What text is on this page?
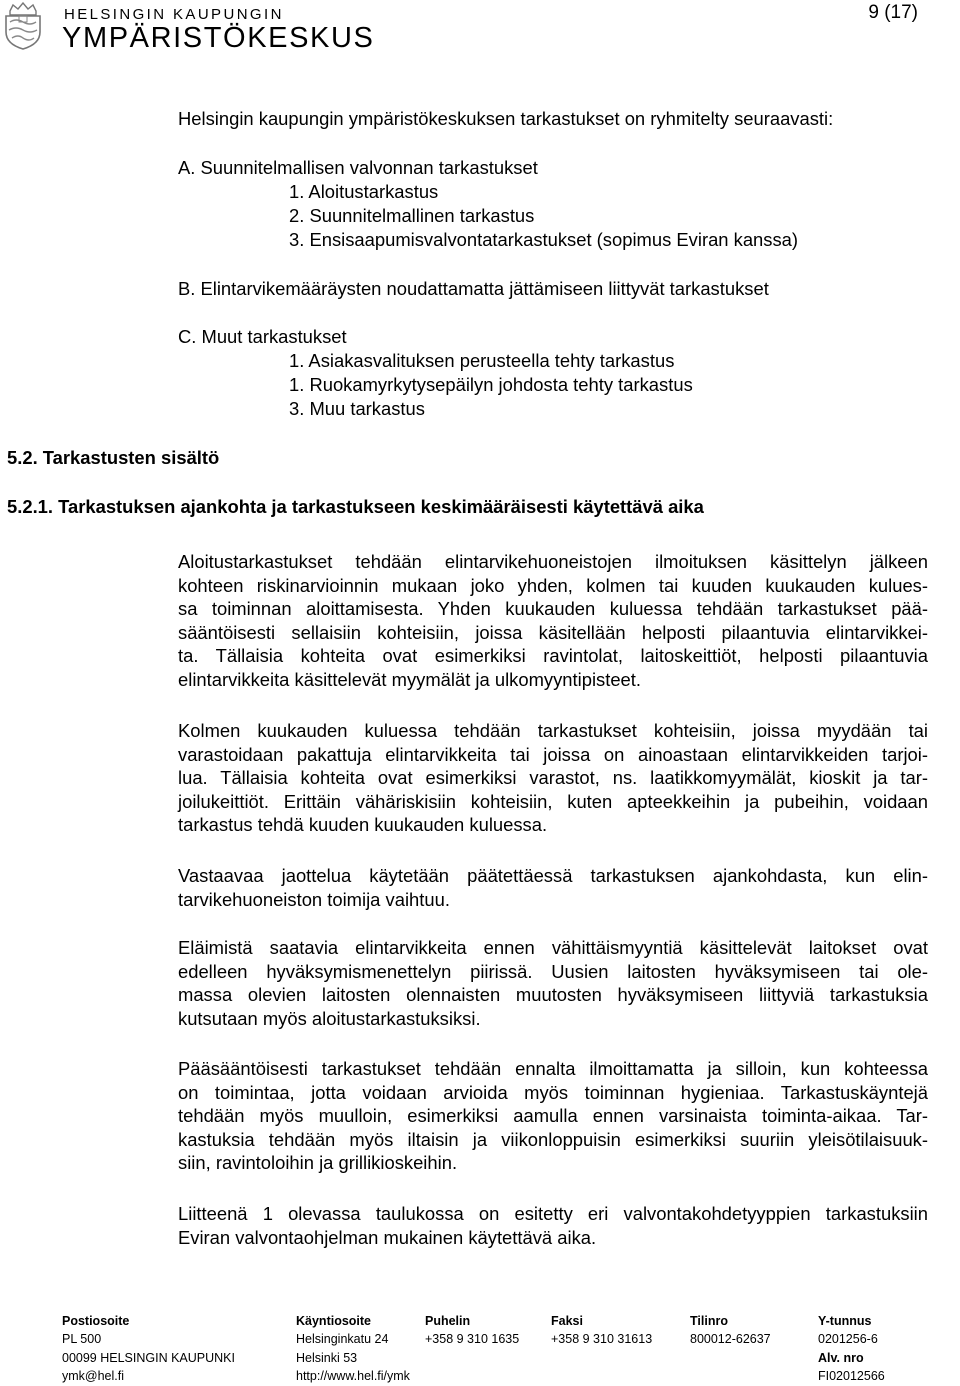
HELSINGIN KAUPUNGIN
YMPÄRISTÖKESKUS
9 (17)
Helsingin kaupungin ympäristökeskuksen tarkastukset on ryhmitelty seuraavasti:
A. Suunnitelmallisen valvonnan tarkastukset
1. Aloitustarkastus
2. Suunnitelmallinen tarkastus
3. Ensisaapumisvalvontatarkastukset (sopimus Eviran kanssa)
B. Elintarvikemääräysten noudattamatta jättämiseen liittyvät tarkastukset
C. Muut tarkastukset
1. Asiakasvalituksen perusteella tehty tarkastus
1. Ruokamyrkytysepäilyn johdosta tehty tarkastus
3. Muu tarkastus
5.2. Tarkastusten sisältö
5.2.1. Tarkastuksen ajankohta ja tarkastukseen keskimääräisesti käytettävä aika
Aloitustarkastukset tehdään elintarvikehuoneistojen ilmoituksen käsittelyn jälkeen
kohteen riskinarvioinnin mukaan joko yhden, kolmen tai kuuden kuukauden kulues-
sa toiminnan aloittamisesta. Yhden kuukauden kuluessa tehdään tarkastukset pää-
sääntöisesti sellaisiin kohteisiin, joissa käsitellään helposti pilaantuvia elintarvikkei-
ta. Tällaisia kohteita ovat esimerkiksi ravintolat, laitoskeittiöt, helposti pilaantuvia
elintarvikkeita käsittelevät myymälät ja ulkomyyntipisteet.
Kolmen kuukauden kuluessa tehdään tarkastukset kohteisiin, joissa myydään tai
varastoidaan pakattuja elintarvikkeita tai joissa on ainoastaan elintarvikkeiden tarjoi-
lua. Tällaisia kohteita ovat esimerkiksi varastot, ns. laatikkomyymälät, kioskit ja tar-
joilukeittiöt. Erittäin vähäriskisiin kohteisiin, kuten apteekkeihin ja pubeihin, voidaan
tarkastus tehdä kuuden kuukauden kuluessa.
Vastaavaa jaottelua käytetään päätettäessä tarkastuksen ajankohdasta, kun elin-
tarvikehuoneiston toimija vaihtuu.
Eläimistä saatavia elintarvikkeita ennen vähittäismyyntiä käsittelevät laitokset ovat
edelleen hyväksymismenettelyn piirissä. Uusien laitosten hyväksymiseen tai ole-
massa olevien laitosten olennaisten muutosten hyväksymiseen liittyviä tarkastuksia
kutsutaan myös aloitustarkastuksiksi.
Pääsääntöisesti tarkastukset tehdään ennalta ilmoittamatta ja silloin, kun kohteessa
on toimintaa, jotta voidaan arvioida myös toiminnan hygieniaa. Tarkastuskäyntejä
tehdään myös muulloin, esimerkiksi aamulla ennen varsinaista toiminta-aikaa. Tar-
kastuksia tehdään myös iltaisin ja viikonloppuisin esimerkiksi suuriin yleisötilaisuuk-
siin, ravintoloihin ja grillikioskeihin.
Liitteenä 1 olevassa taulukossa on esitetty eri valvontakohdetyyppien tarkastuksiin
Eviran valvontaohjelman mukainen käytettävä aika.
Postiosoite
PL 500
00099 HELSINGIN KAUPUNKI
ymk@hel.fi
Käyntiosoite
Helsinginkatu 24
Helsinki 53
http://www.hel.fi/ymk
Puhelin
+358 9 310 1635
Faksi
+358 9 310 31613
Tilinro
800012-62637
Y-tunnus
0201256-6
Alv. nro
FI02012566
